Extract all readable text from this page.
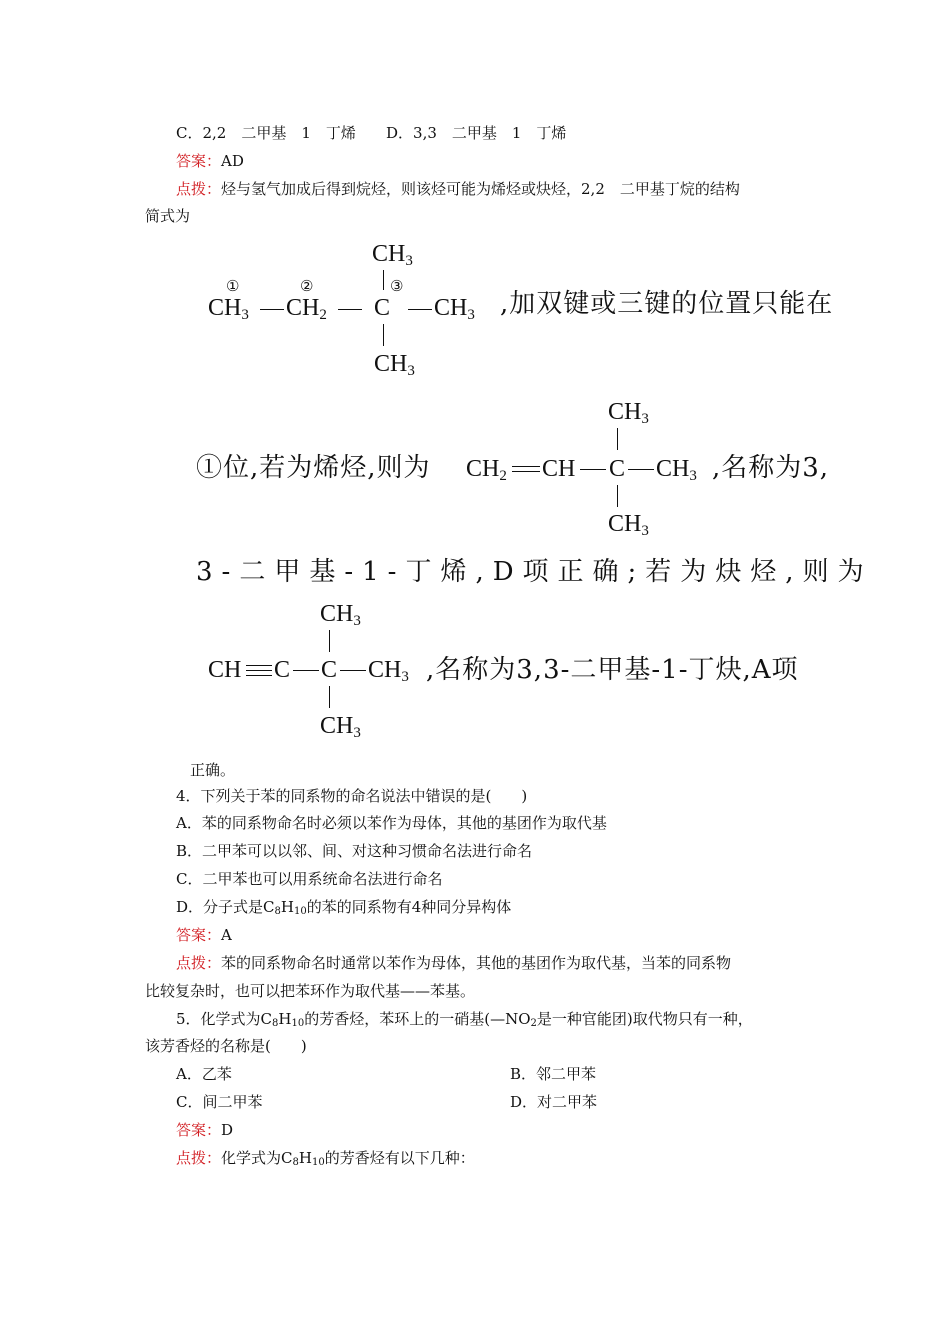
C．2,2　二甲基　1　丁烯 D．3,3　二甲基　1　丁烯
答案：AD
点拨：烃与氢气加成后得到烷烃，则该烃可能为烯烃或炔烃，2,2　二甲基丁烷的结构
简式为
$CH_3$
①	②	③
$CH_3$ $CH_2$ C $CH_3$
$CH_3$
,加双键或三键的位置只能在
①位,若为烯烃,则为
$CH_3$
$CH_2$ CH C $CH_3$
$CH_3$
,名称为3,
3-二甲基-1-丁烯,D项正确;若为炔烃,则为
$CH_3$
CH C C $CH_3$
$CH_3$
,名称为3,3-二甲基-1-丁炔,A项
正确。
4．下列关于苯的同系物的命名说法中错误的是(　　)
A．苯的同系物命名时必须以苯作为母体，其他的基团作为取代基
B．二甲苯可以以邻、间、对这种习惯命名法进行命名
C．二甲苯也可以用系统命名法进行命名
D．分子式是$C_8H_{10}$的苯的同系物有4种同分异构体
答案：A
点拨：苯的同系物命名时通常以苯作为母体，其他的基团作为取代基，当苯的同系物
比较复杂时，也可以把苯环作为取代基——苯基。
5．化学式为$C_8H_{10}$的芳香烃，苯环上的一硝基($—NO_2$是一种官能团)取代物只有一种，
该芳香烃的名称是(　　)
A．乙苯	B．邻二甲苯
C．间二甲苯	D．对二甲苯
答案：D
点拨：化学式为$C_8H_{10}$的芳香烃有以下几种：
